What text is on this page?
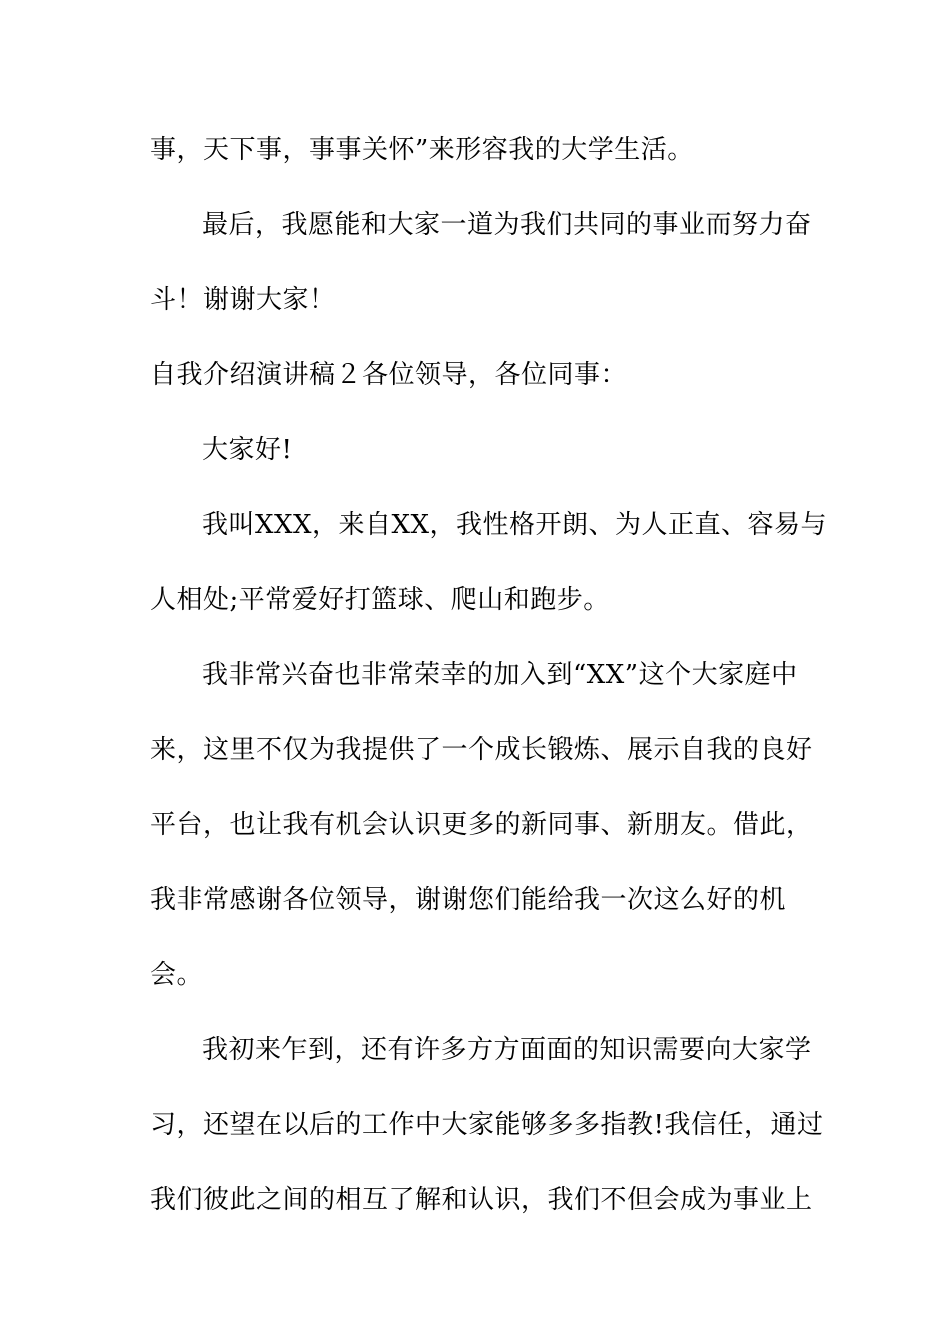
事，天下事，事事关怀”来形容我的大学生活。
最后，我愿能和大家一道为我们共同的事业而努力奋
斗！谢谢大家！
自我介绍演讲稿２各位领导，各位同事：
大家好!
我叫XXX，来自XX，我性格开朗、为人正直、容易与
人相处;平常爱好打篮球、爬山和跑步。
我非常兴奋也非常荣幸的加入到“XX”这个大家庭中
来，这里不仅为我提供了一个成长锻炼、展示自我的良好
平台，也让我有机会认识更多的新同事、新朋友。借此，
我非常感谢各位领导，谢谢您们能给我一次这么好的机
会。
我初来乍到，还有许多方方面面的知识需要向大家学
习，还望在以后的工作中大家能够多多指教!我信任，通过
我们彼此之间的相互了解和认识，我们不但会成为事业上
